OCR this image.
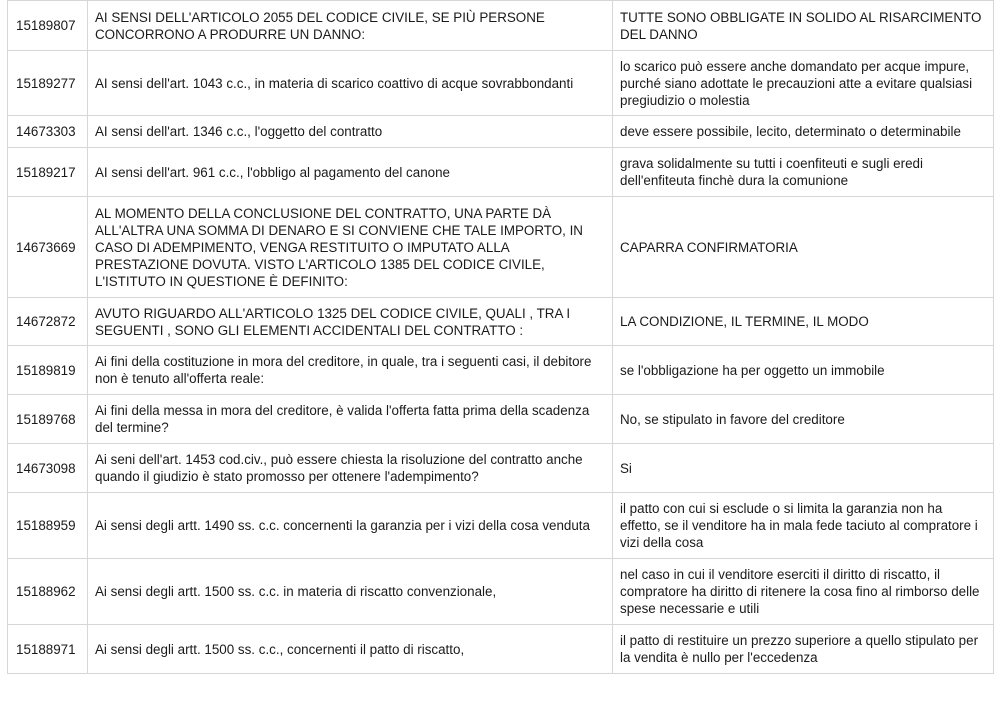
15189807	AI SENSI DELL'ARTICOLO 2055 DEL CODICE CIVILE, SE PIÙ PERSONE CONCORRONO A PRODURRE UN DANNO:	TUTTE SONO OBBLIGATE IN SOLIDO AL RISARCIMENTO DEL DANNO
15189277	AI sensi dell'art. 1043 c.c., in materia di scarico coattivo di acque sovrabbondanti	lo scarico può essere anche domandato per acque impure, purché siano adottate le precauzioni atte a evitare qualsiasi pregiudizio o molestia
14673303	AI sensi dell'art. 1346 c.c., l'oggetto del contratto	deve essere possibile, lecito, determinato o determinabile
15189217	AI sensi dell'art. 961 c.c., l'obbligo al pagamento del canone	grava solidalmente su tutti i coenfiteuti e sugli eredi dell'enfiteuta finchè dura la comunione
14673669	AL MOMENTO DELLA CONCLUSIONE DEL CONTRATTO, UNA PARTE DÀ ALL'ALTRA UNA SOMMA DI DENARO E SI CONVIENE CHE TALE IMPORTO, IN CASO DI ADEMPIMENTO, VENGA RESTITUITO O IMPUTATO ALLA PRESTAZIONE DOVUTA. VISTO L'ARTICOLO 1385 DEL CODICE CIVILE, L'ISTITUTO IN QUESTIONE È DEFINITO:	CAPARRA CONFIRMATORIA
14672872	AVUTO RIGUARDO ALL'ARTICOLO 1325 DEL CODICE CIVILE, QUALI , TRA I SEGUENTI , SONO GLI ELEMENTI ACCIDENTALI DEL CONTRATTO :	LA CONDIZIONE, IL TERMINE, IL MODO
15189819	Ai fini della costituzione in mora del creditore, in quale, tra i seguenti casi, il debitore non è tenuto all'offerta reale:	se l'obbligazione ha per oggetto un immobile
15189768	Ai fini della messa in mora del creditore, è valida l'offerta fatta prima della scadenza del termine?	No, se stipulato in favore del creditore
14673098	Ai seni dell'art. 1453 cod.civ., può essere chiesta la risoluzione del contratto anche quando il giudizio è stato promosso per ottenere l'adempimento?	Si
15188959	Ai sensi degli artt. 1490 ss. c.c. concernenti la garanzia per i vizi della cosa venduta	il patto con cui si esclude o si limita la garanzia non ha effetto, se il venditore ha in mala fede taciuto al compratore i vizi della cosa
15188962	Ai sensi degli artt. 1500 ss. c.c. in materia di riscatto convenzionale,	nel caso in cui il venditore eserciti il diritto di riscatto, il compratore ha diritto di ritenere la cosa fino al rimborso delle spese necessarie e utili
15188971	Ai sensi degli artt. 1500 ss. c.c., concernenti il patto di riscatto,	il patto di restituire un prezzo superiore a quello stipulato per la vendita è nullo per l'eccedenza
